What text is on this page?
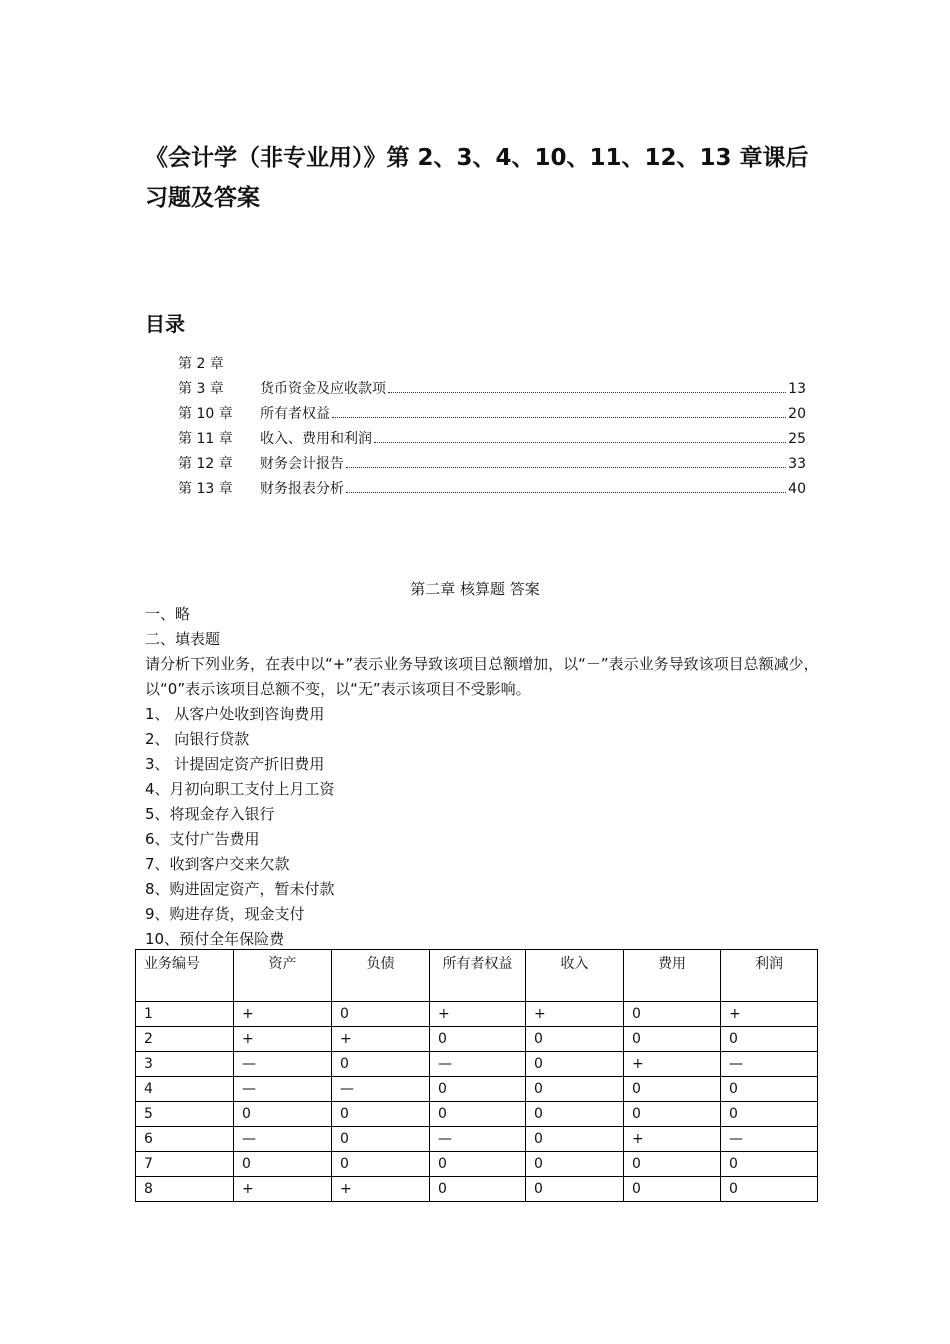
《会计学（非专业用）》第 2、3、4、10、11、12、13 章课后习题及答案
目录
第 2 章
第 3 章	货币资金及应收款项	13
第 10 章	所有者权益	20
第 11 章	收入、费用和利润	25
第 12 章	财务会计报告	33
第 13 章	财务报表分析	40
第二章 核算题 答案

一、略

二、填表题

请分析下列业务，在表中以“+”表示业务导致该项目总额增加，以“－”表示业务导致该项目总额减少，以“0”表示该项目总额不变，以“无”表示该项目不受影响。

1、 从客户处收到咨询费用

2、 向银行贷款

3、 计提固定资产折旧费用

4、月初向职工支付上月工资

5、将现金存入银行

6、支付广告费用

7、收到客户交来欠款

8、购进固定资产，暂未付款

9、购进存货，现金支付

10、预付全年保险费

业务编号	资产	负债	所有者权益	收入	费用	利润
1	+	0	+	+	0	+
2	+	+	0	0	0	0
3	—	0	—	0	+	—
4	—	—	0	0	0	0
5	0	0	0	0	0	0
6	—	0	—	0	+	—
7	0	0	0	0	0	0
8	+	+	0	0	0	0
